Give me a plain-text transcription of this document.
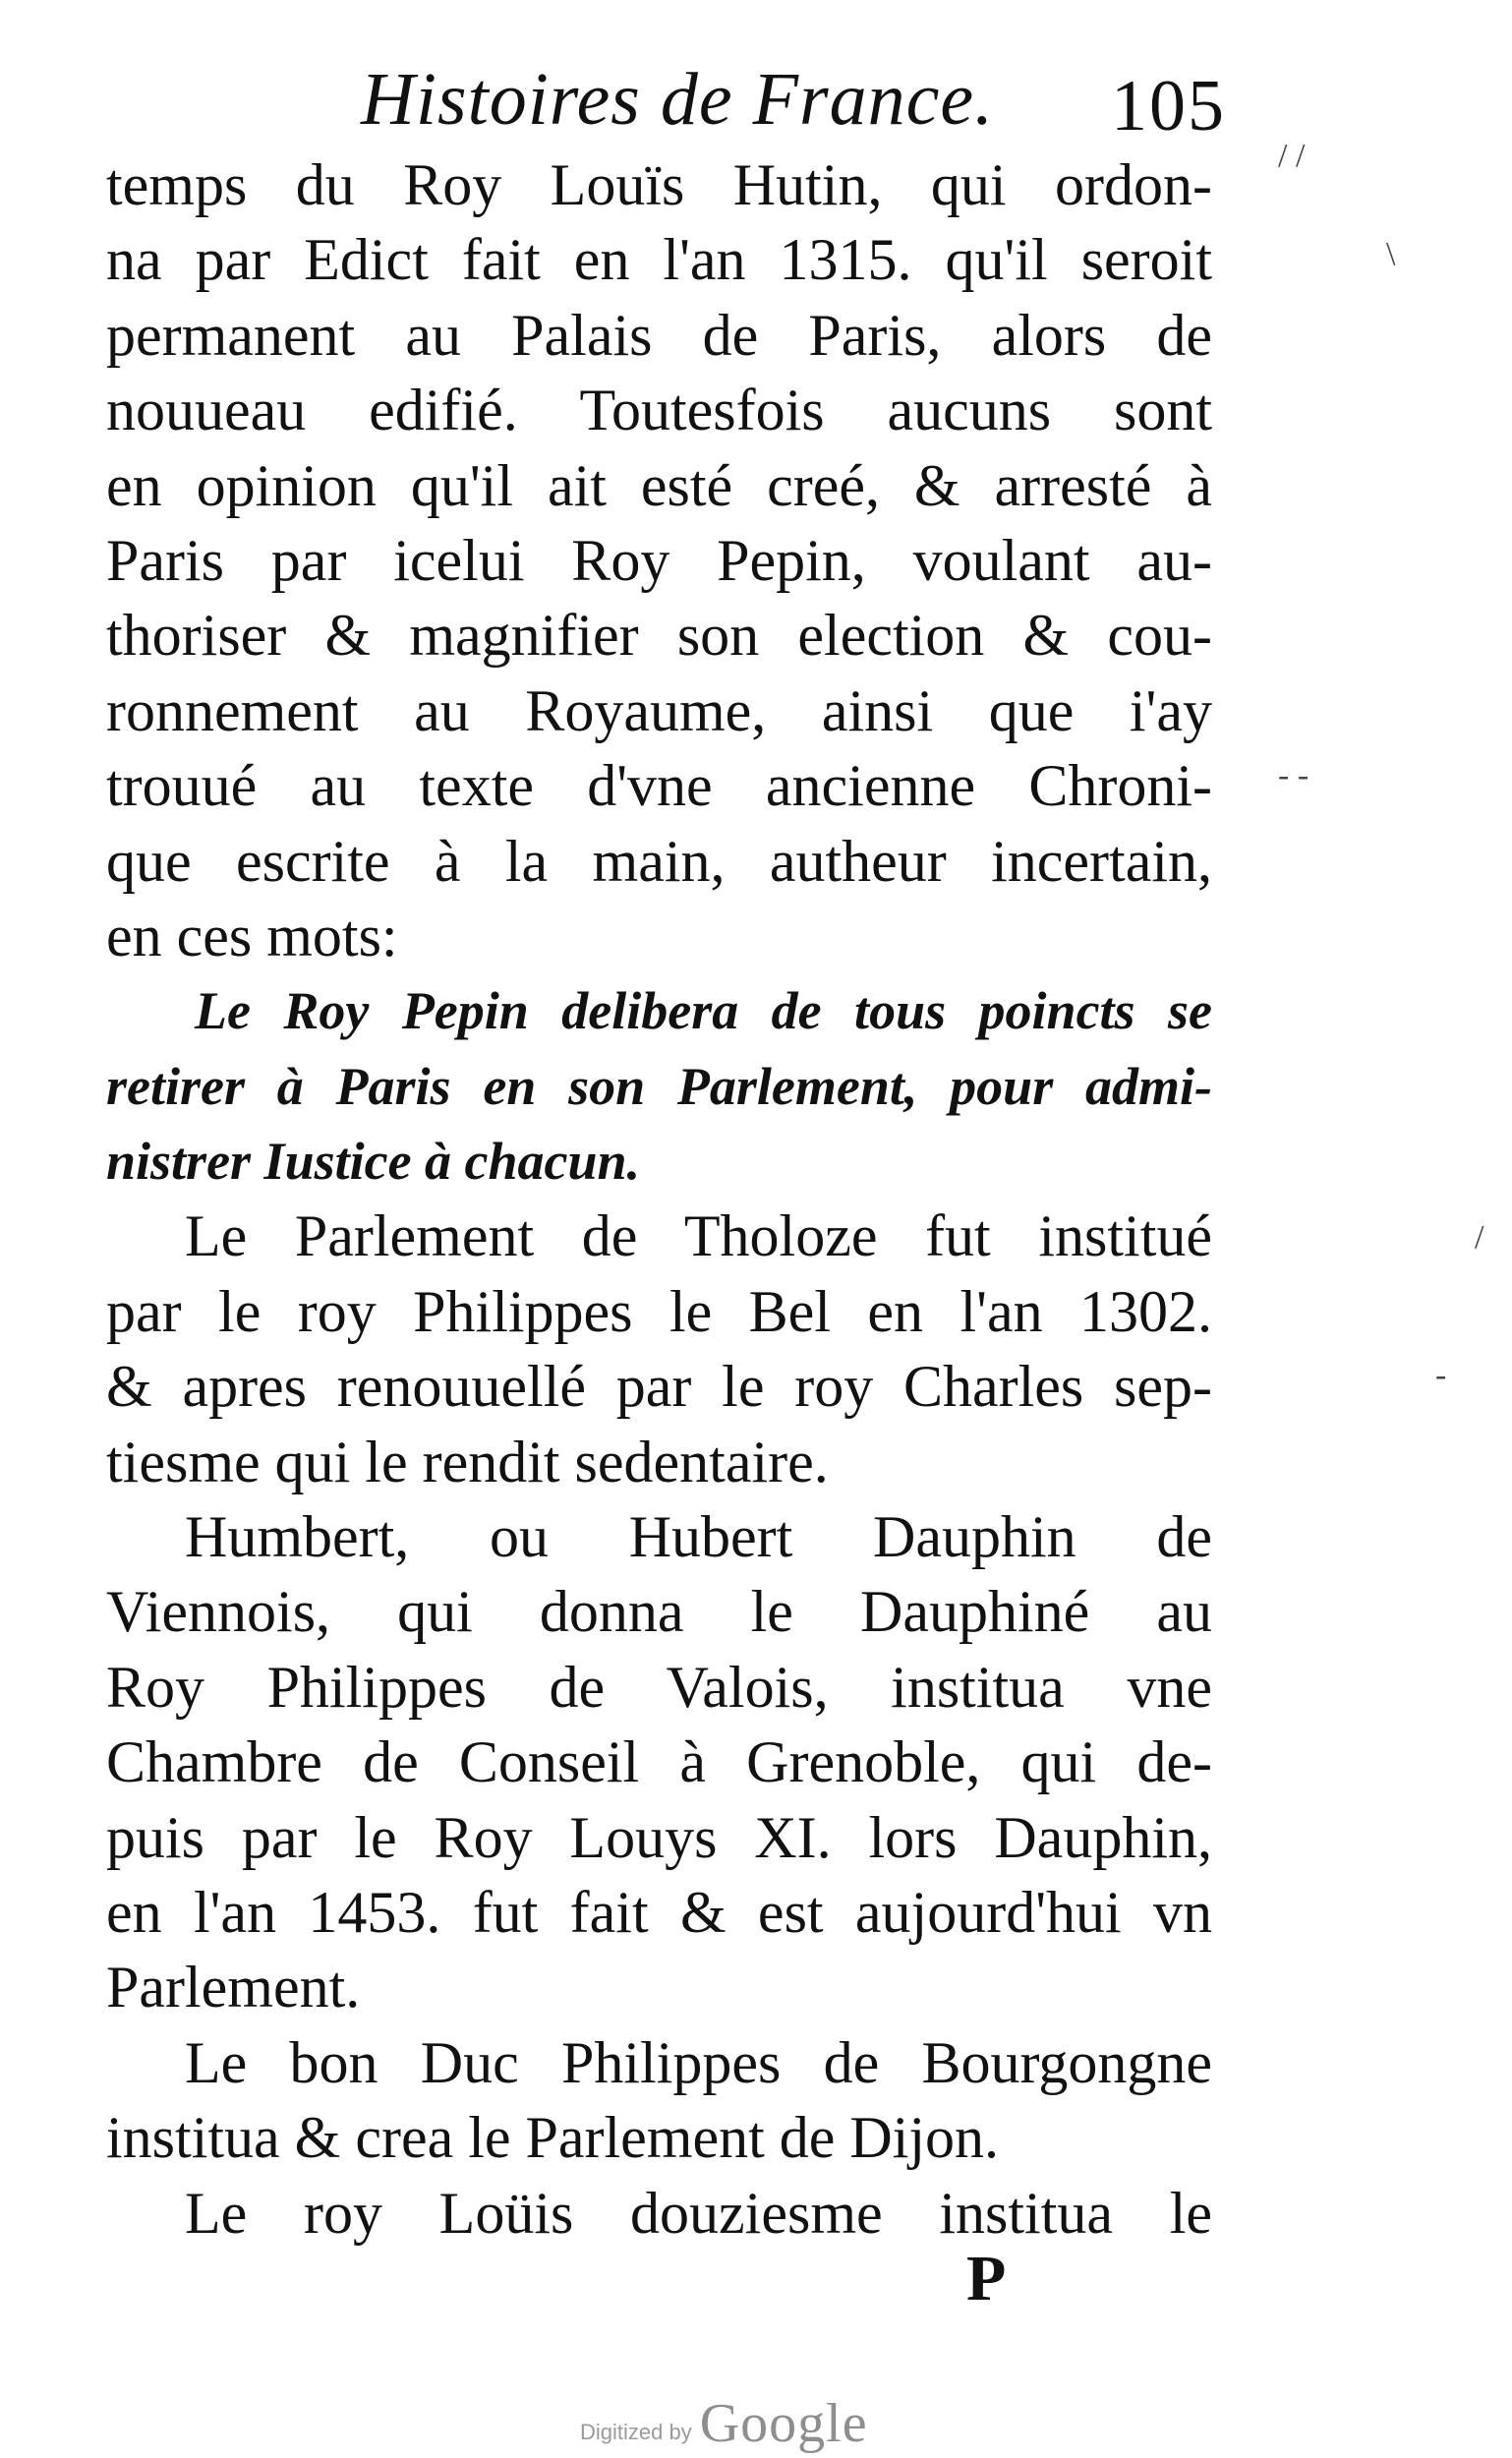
Histoires de France. 105
temps du Roy Louïs Hutin, qui ordon-
na par Edict fait en l'an 1315. qu'il seroit
permanent au Palais de Paris, alors de
nouueau edifié. Toutesfois aucuns sont
en opinion qu'il ait esté creé, & arresté à
Paris par icelui Roy Pepin, voulant au-
thoriser & magnifier son election & cou-
ronnement au Royaume, ainsi que i'ay
trouué au texte d'vne ancienne Chroni-
que escrite à la main, autheur incertain,
en ces mots:
Le Roy Pepin delibera de tous poincts se
retirer à Paris en son Parlement, pour admi-
nistrer Iustice à chacun.
Le Parlement de Tholoze fut institué
par le roy Philippes le Bel en l'an 1302.
& apres renouuellé par le roy Charles sep-
tiesme qui le rendit sedentaire.
Humbert, ou Hubert Dauphin de
Viennois, qui donna le Dauphiné au
Roy Philippes de Valois, institua vne
Chambre de Conseil à Grenoble, qui de-
puis par le Roy Louys XI. lors Dauphin,
en l'an 1453. fut fait & est aujourd'hui vn
Parlement.
Le bon Duc Philippes de Bourgongne
institua & crea le Parlement de Dijon.
Le roy Loüis douziesme institua le
P
/ /
\
- -
/
-
Digitized by Google
